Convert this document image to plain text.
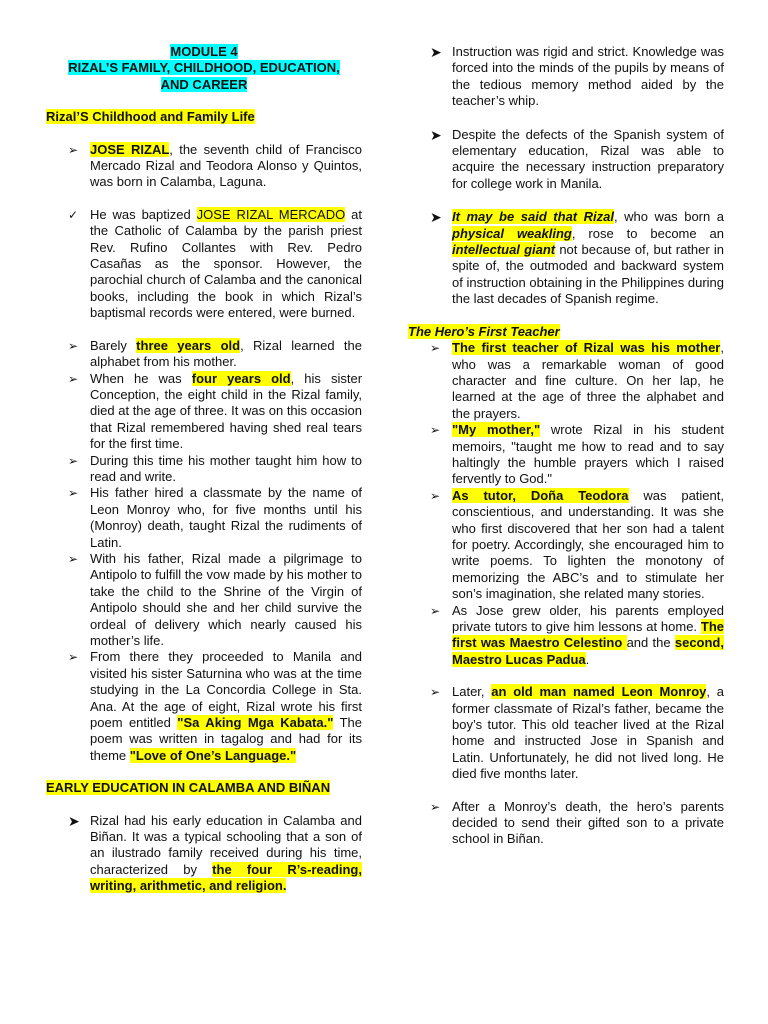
MODULE 4
RIZAL’S FAMILY, CHILDHOOD, EDUCATION,
AND CAREER
Rizal’S Childhood and Family Life

➢ JOSE RIZAL, the seventh child of Francisco Mercado Rizal and Teodora Alonso y Quintos, was born in Calamba, Laguna.

✓ He was baptized JOSE RIZAL MERCADO at the Catholic of Calamba by the parish priest Rev. Rufino Collantes with Rev. Pedro Casañas as the sponsor. However, the parochial church of Calamba and the canonical books, including the book in which Rizal’s baptismal records were entered, were burned.

➢ Barely three years old, Rizal learned the alphabet from his mother.

➢ When he was four years old, his sister Conception, the eight child in the Rizal family, died at the age of three. It was on this occasion that Rizal remembered having shed real tears for the first time.

➢ During this time his mother taught him how to read and write.

➢ His father hired a classmate by the name of Leon Monroy who, for five months until his (Monroy) death, taught Rizal the rudiments of Latin.

➢ With his father, Rizal made a pilgrimage to Antipolo to fulfill the vow made by his mother to take the child to the Shrine of the Virgin of Antipolo should she and her child survive the ordeal of delivery which nearly caused his mother’s life.

➢ From there they proceeded to Manila and visited his sister Saturnina who was at the time studying in the La Concordia College in Sta. Ana. At the age of eight, Rizal wrote his first poem entitled "Sa Aking Mga Kabata." The poem was written in tagalog and had for its theme "Love of One’s Language."

EARLY EDUCATION IN CALAMBA AND BIÑAN

➤ Rizal had his early education in Calamba and Biñan. It was a typical schooling that a son of an ilustrado family received during his time, characterized by the four R’s-reading, writing, arithmetic, and religion.

➤ Instruction was rigid and strict. Knowledge was forced into the minds of the pupils by means of the tedious memory method aided by the teacher’s whip.

➤ Despite the defects of the Spanish system of elementary education, Rizal was able to acquire the necessary instruction preparatory for college work in Manila.

➤ It may be said that Rizal, who was born a physical weakling, rose to become an intellectual giant not because of, but rather in spite of, the outmoded and backward system of instruction obtaining in the Philippines during the last decades of Spanish regime.

The Hero’s First Teacher

➢ The first teacher of Rizal was his mother, who was a remarkable woman of good character and fine culture. On her lap, he learned at the age of three the alphabet and the prayers.

➢ "My mother," wrote Rizal in his student memoirs, "taught me how to read and to say haltingly the humble prayers which I raised fervently to God."

➢ As tutor, Doña Teodora was patient, conscientious, and understanding. It was she who first discovered that her son had a talent for poetry. Accordingly, she encouraged him to write poems. To lighten the monotony of memorizing the ABC’s and to stimulate her son’s imagination, she related many stories.

➢ As Jose grew older, his parents employed private tutors to give him lessons at home. The first was Maestro Celestino and the second, Maestro Lucas Padua.

➢ Later, an old man named Leon Monroy, a former classmate of Rizal’s father, became the boy’s tutor. This old teacher lived at the Rizal home and instructed Jose in Spanish and Latin. Unfortunately, he did not lived long. He died five months later.

➢ After a Monroy’s death, the hero’s parents decided to send their gifted son to a private school in Biñan.
